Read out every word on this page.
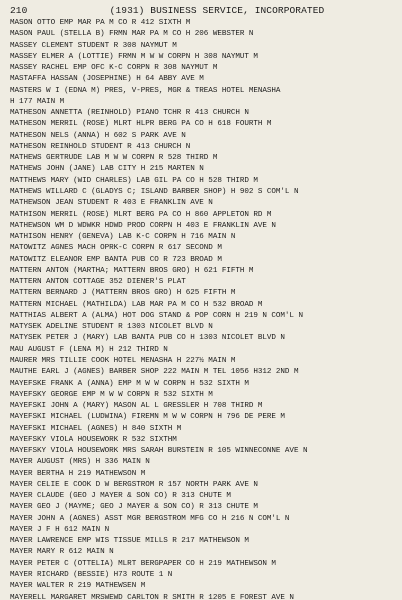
210	(1931) BUSINESS SERVICE, INCORPORATED
MASON OTTO EMP MAR PA M CO R 412 SIXTH M
MASON PAUL (STELLA B) FRMN MAR PA M CO H 206 WEBSTER N
MASSEY CLEMENT STUDENT R 308 NAYMUT M
MASSEY ELMER A (LOTTIE) FRMN M W W CORPN H 308 NAYMUT M
MASSEY RACHEL EMP OFC K-C CORPN R 308 NAYMUT M
MASTAFFA HASSAN (JOSEPHINE) H 64 ABBY AVE M
MASTERS W I (EDNA M) PRES, V-PRES, MGR & TREAS HOTEL MENASHA
H 177 MAIN M
MATHESON ANNETTA (REINHOLD) PIANO TCHR R 413 CHURCH N
MATHESON MERRIL (ROSE) MLRT HLPR BERG PA CO H 618 FOURTH M
MATHESON NELS (ANNA) H 602 S PARK AVE N
MATHESON REINHOLD STUDENT R 413 CHURCH N
MATHEWS GERTRUDE LAB M W W CORPN R 528 THIRD M
MATHEWS JOHN (JANE) LAB CITY H 215 MARTEN N
MATTHEWS MARY (WID CHARLES) LAB GIL PA CO H 528 THIRD M
MATHEWS WILLARD C (GLADYS C; ISLAND BARBER SHOP) H 902 S COM'L N
MATHEWSON JEAN STUDENT R 403 E FRANKLIN AVE N
MATHISON MERRIL (ROSE) MLRT BERG PA CO H 860 APPLETON RD M
MATHEWSON WM D WDWKR HDWD PROD CORPN H 403 E FRANKLIN AVE N
MATHISON HENRY (GENEVA) LAB K-C CORPN H 716 MAIN N
MATOWITZ AGNES MACH OPRK-C CORPN R 617 SECOND M
MATOWITZ ELEANOR EMP BANTA PUB CO R 723 BROAD M
MATTERN ANTON (MARTHA; MATTERN BROS GRO) H 621 FIFTH M
MATTERN ANTON COTTAGE 352 DIENER'S PLAT
MATTERN BERNARD J (MATTERN BROS GRO) H 625 FIFTH M
MATTERN MICHAEL (MATHILDA) LAB MAR PA M CO H 532 BROAD M
MATTHIAS ALBERT A (ALMA) HOT DOG STAND & POP CORN H 219 N COM'L N
MATYSEK ADELINE STUDENT R 1303 NICOLET BLVD N
MATYSEK PETER J (MARY) LAB BANTA PUB CO H 1303 NICOLET BLVD N
MAU AUGUST F (LENA M) H 212 THIRD N
MAURER MRS TILLIE COOK HOTEL MENASHA H 227½ MAIN M
MAUTHE EARL J (AGNES) BARBER SHOP 222 MAIN M TEL 1056 H312 2ND M
MAYEFSKE FRANK A (ANNA) EMP M W W CORPN H 532 SIXTH M
MAYEFSKY GEORGE EMP M W W CORPN R 532 SIXTH M
MAYEFSKI JOHN A (MARY) MASON AL L GRESSLER H 708 THIRD M
MAYEFSKI MICHAEL (LUDWINA) FIREMN M W W CORPN H 796 DE PERE M
MAYEFSKI MICHAEL (AGNES) H 840 SIXTH M
MAYEFSKY VIOLA HOUSEWORK R 532 SIXTHM
MAYEFSKY VIOLA HOUSEWORK MRS SARAH BURSTEIN R 105 WINNECONNE AVE N
MAYER AUGUST (MRS) H 336 MAIN N
MAYER BERTHA H 219 MATHEWSON M
MAYER CELIE E COOK D W BERGSTROM R 157 NORTH PARK AVE N
MAYER CLAUDE (GEO J MAYER & SON CO) R 313 CHUTE M
MAYER GEO J (MAYME; GEO J MAYER & SON CO) R 313 CHUTE M
MAYER JOHN A (AGNES) ASST MGR BERGSTROM MFG CO H 216 N COM'L N
MAYER J F H 612 MAIN N
MAYER LAWRENCE EMP WIS TISSUE MILLS R 217 MATHEWSON M
MAYER MARY R 612 MAIN N
MAYER PETER C (OTTELIA) MLRT BERGPAPER CO H 219 MATHEWSON M
MAYER RICHARD (BESSIE) H73 ROUTE 1 N
MAYER WALTER R 219 MATHEWSEN M
MAYERELL MARGARET MRSWEWD CARLTON R SMITH R 1205 E FOREST AVE N
